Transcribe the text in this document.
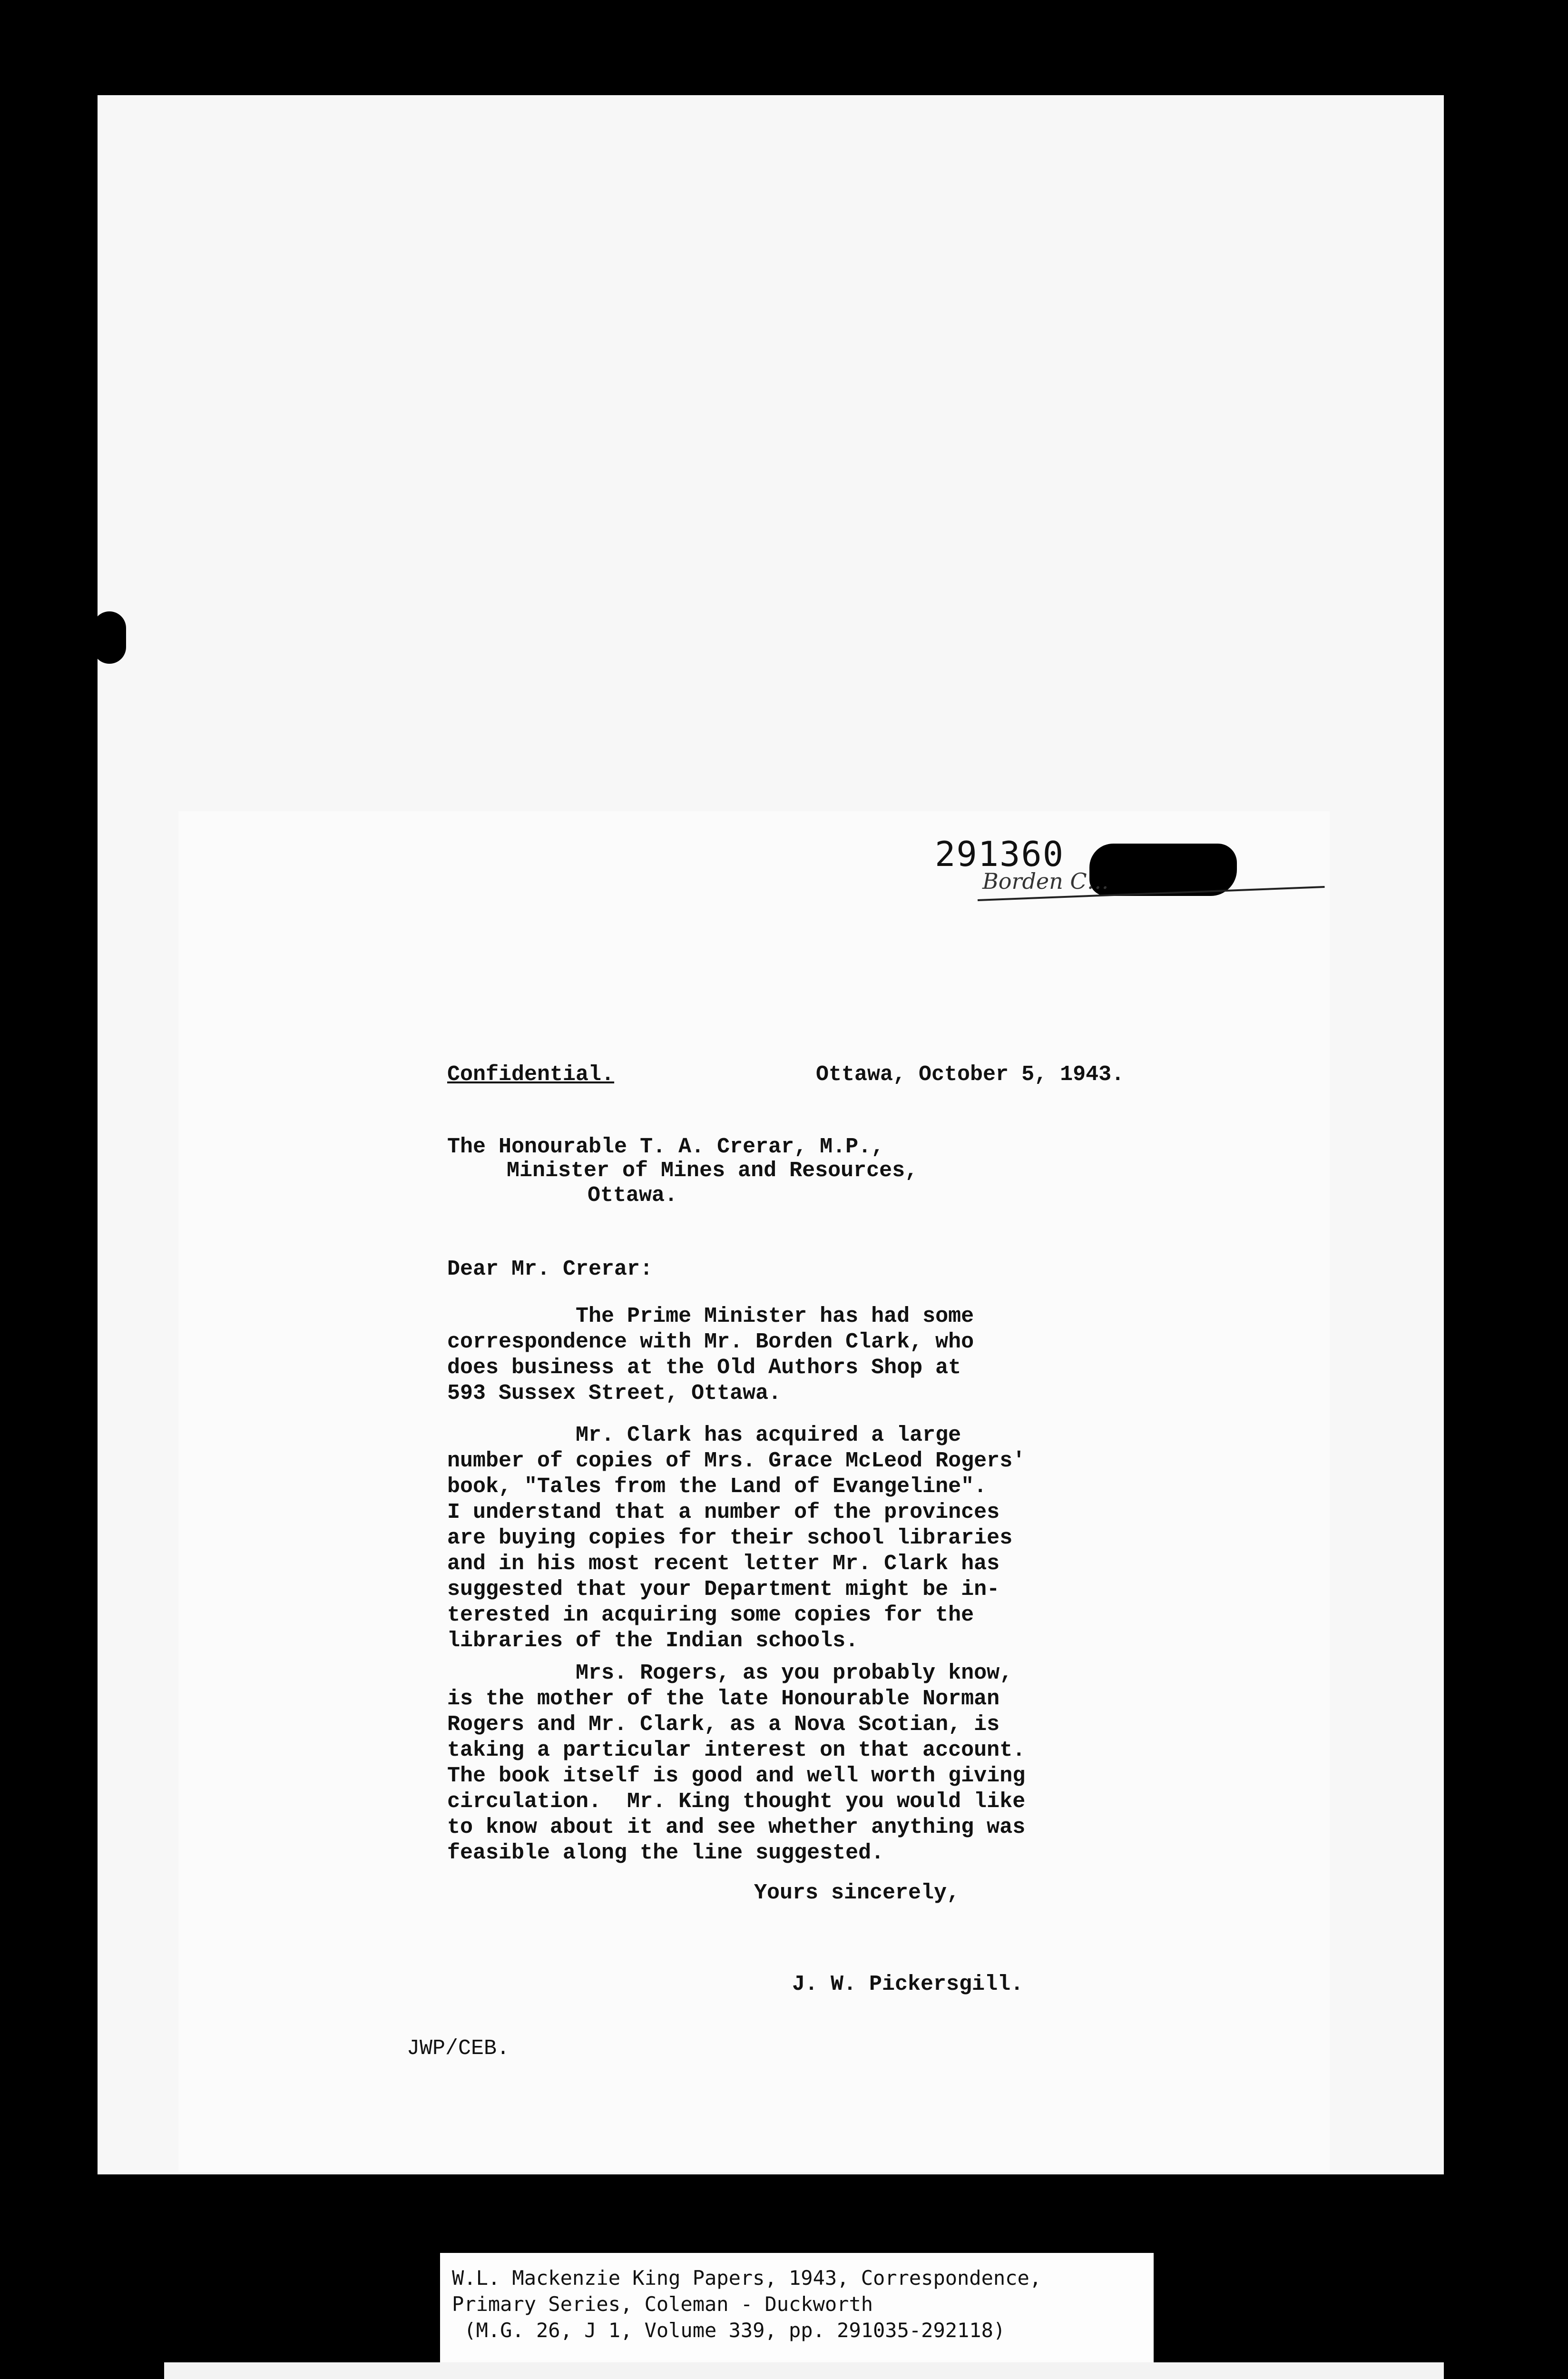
291360
Borden C…
Confidential.	Ottawa, October 5, 1943.
The Honourable T. A. Crerar, M.P.,
Minister of Mines and Resources,
Ottawa.
Dear Mr. Crerar:
The Prime Minister has had some
correspondence with Mr. Borden Clark, who
does business at the Old Authors Shop at
593 Sussex Street, Ottawa.
Mr. Clark has acquired a large
number of copies of Mrs. Grace McLeod Rogers'
book, "Tales from the Land of Evangeline".
I understand that a number of the provinces
are buying copies for their school libraries
and in his most recent letter Mr. Clark has
suggested that your Department might be in-
terested in acquiring some copies for the
libraries of the Indian schools.
Mrs. Rogers, as you probably know,
is the mother of the late Honourable Norman
Rogers and Mr. Clark, as a Nova Scotian, is
taking a particular interest on that account.
The book itself is good and well worth giving
circulation.  Mr. King thought you would like
to know about it and see whether anything was
feasible along the line suggested.
Yours sincerely,
J. W. Pickersgill.
JWP/CEB.
W.L. Mackenzie King Papers, 1943, Correspondence,
Primary Series, Coleman - Duckworth
(M.G. 26, J 1, Volume 339, pp. 291035-292118)
